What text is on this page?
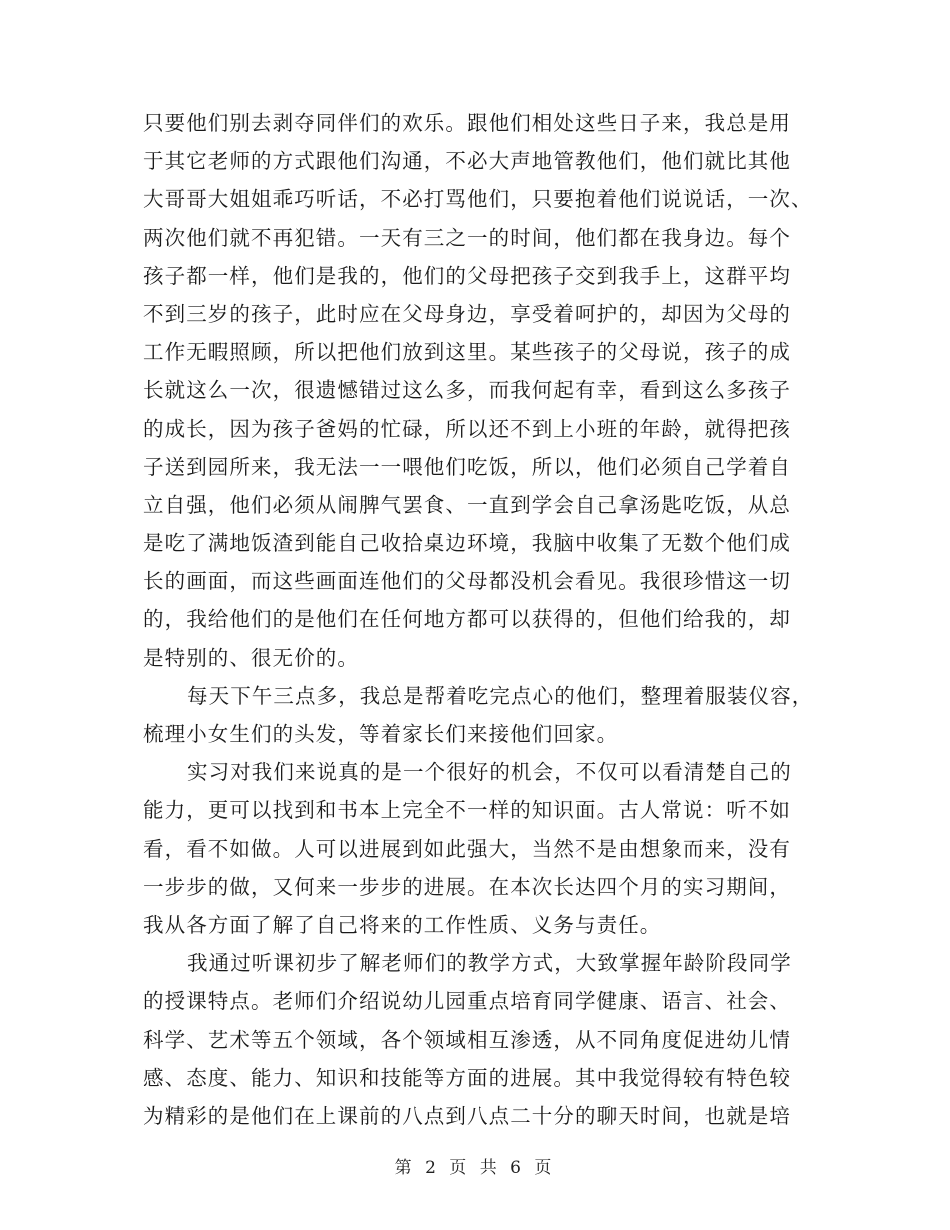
只要他们别去剥夺同伴们的欢乐。跟他们相处这些日子来，我总是用
于其它老师的方式跟他们沟通，不必大声地管教他们，他们就比其他
大哥哥大姐姐乖巧听话，不必打骂他们，只要抱着他们说说话，一次、
两次他们就不再犯错。一天有三之一的时间，他们都在我身边。每个
孩子都一样，他们是我的，他们的父母把孩子交到我手上，这群平均
不到三岁的孩子，此时应在父母身边，享受着呵护的，却因为父母的
工作无暇照顾，所以把他们放到这里。某些孩子的父母说，孩子的成
长就这么一次，很遗憾错过这么多，而我何起有幸，看到这么多孩子
的成长，因为孩子爸妈的忙碌，所以还不到上小班的年龄，就得把孩
子送到园所来，我无法一一喂他们吃饭，所以，他们必须自己学着自
立自强，他们必须从闹脾气罢食、一直到学会自己拿汤匙吃饭，从总
是吃了满地饭渣到能自己收拾桌边环境，我脑中收集了无数个他们成
长的画面，而这些画面连他们的父母都没机会看见。我很珍惜这一切
的，我给他们的是他们在任何地方都可以获得的，但他们给我的，却
是特别的、很无价的。
每天下午三点多，我总是帮着吃完点心的他们，整理着服装仪容，
梳理小女生们的头发，等着家长们来接他们回家。
实习对我们来说真的是一个很好的机会，不仅可以看清楚自己的
能力，更可以找到和书本上完全不一样的知识面。古人常说：听不如
看，看不如做。人可以进展到如此强大，当然不是由想象而来，没有
一步步的做，又何来一步步的进展。在本次长达四个月的实习期间，
我从各方面了解了自己将来的工作性质、义务与责任。
我通过听课初步了解老师们的教学方式，大致掌握年龄阶段同学
的授课特点。老师们介绍说幼儿园重点培育同学健康、语言、社会、
科学、艺术等五个领域，各个领域相互渗透，从不同角度促进幼儿情
感、态度、能力、知识和技能等方面的进展。其中我觉得较有特色较
为精彩的是他们在上课前的八点到八点二十分的聊天时间，也就是培
第 2 页 共 6 页
